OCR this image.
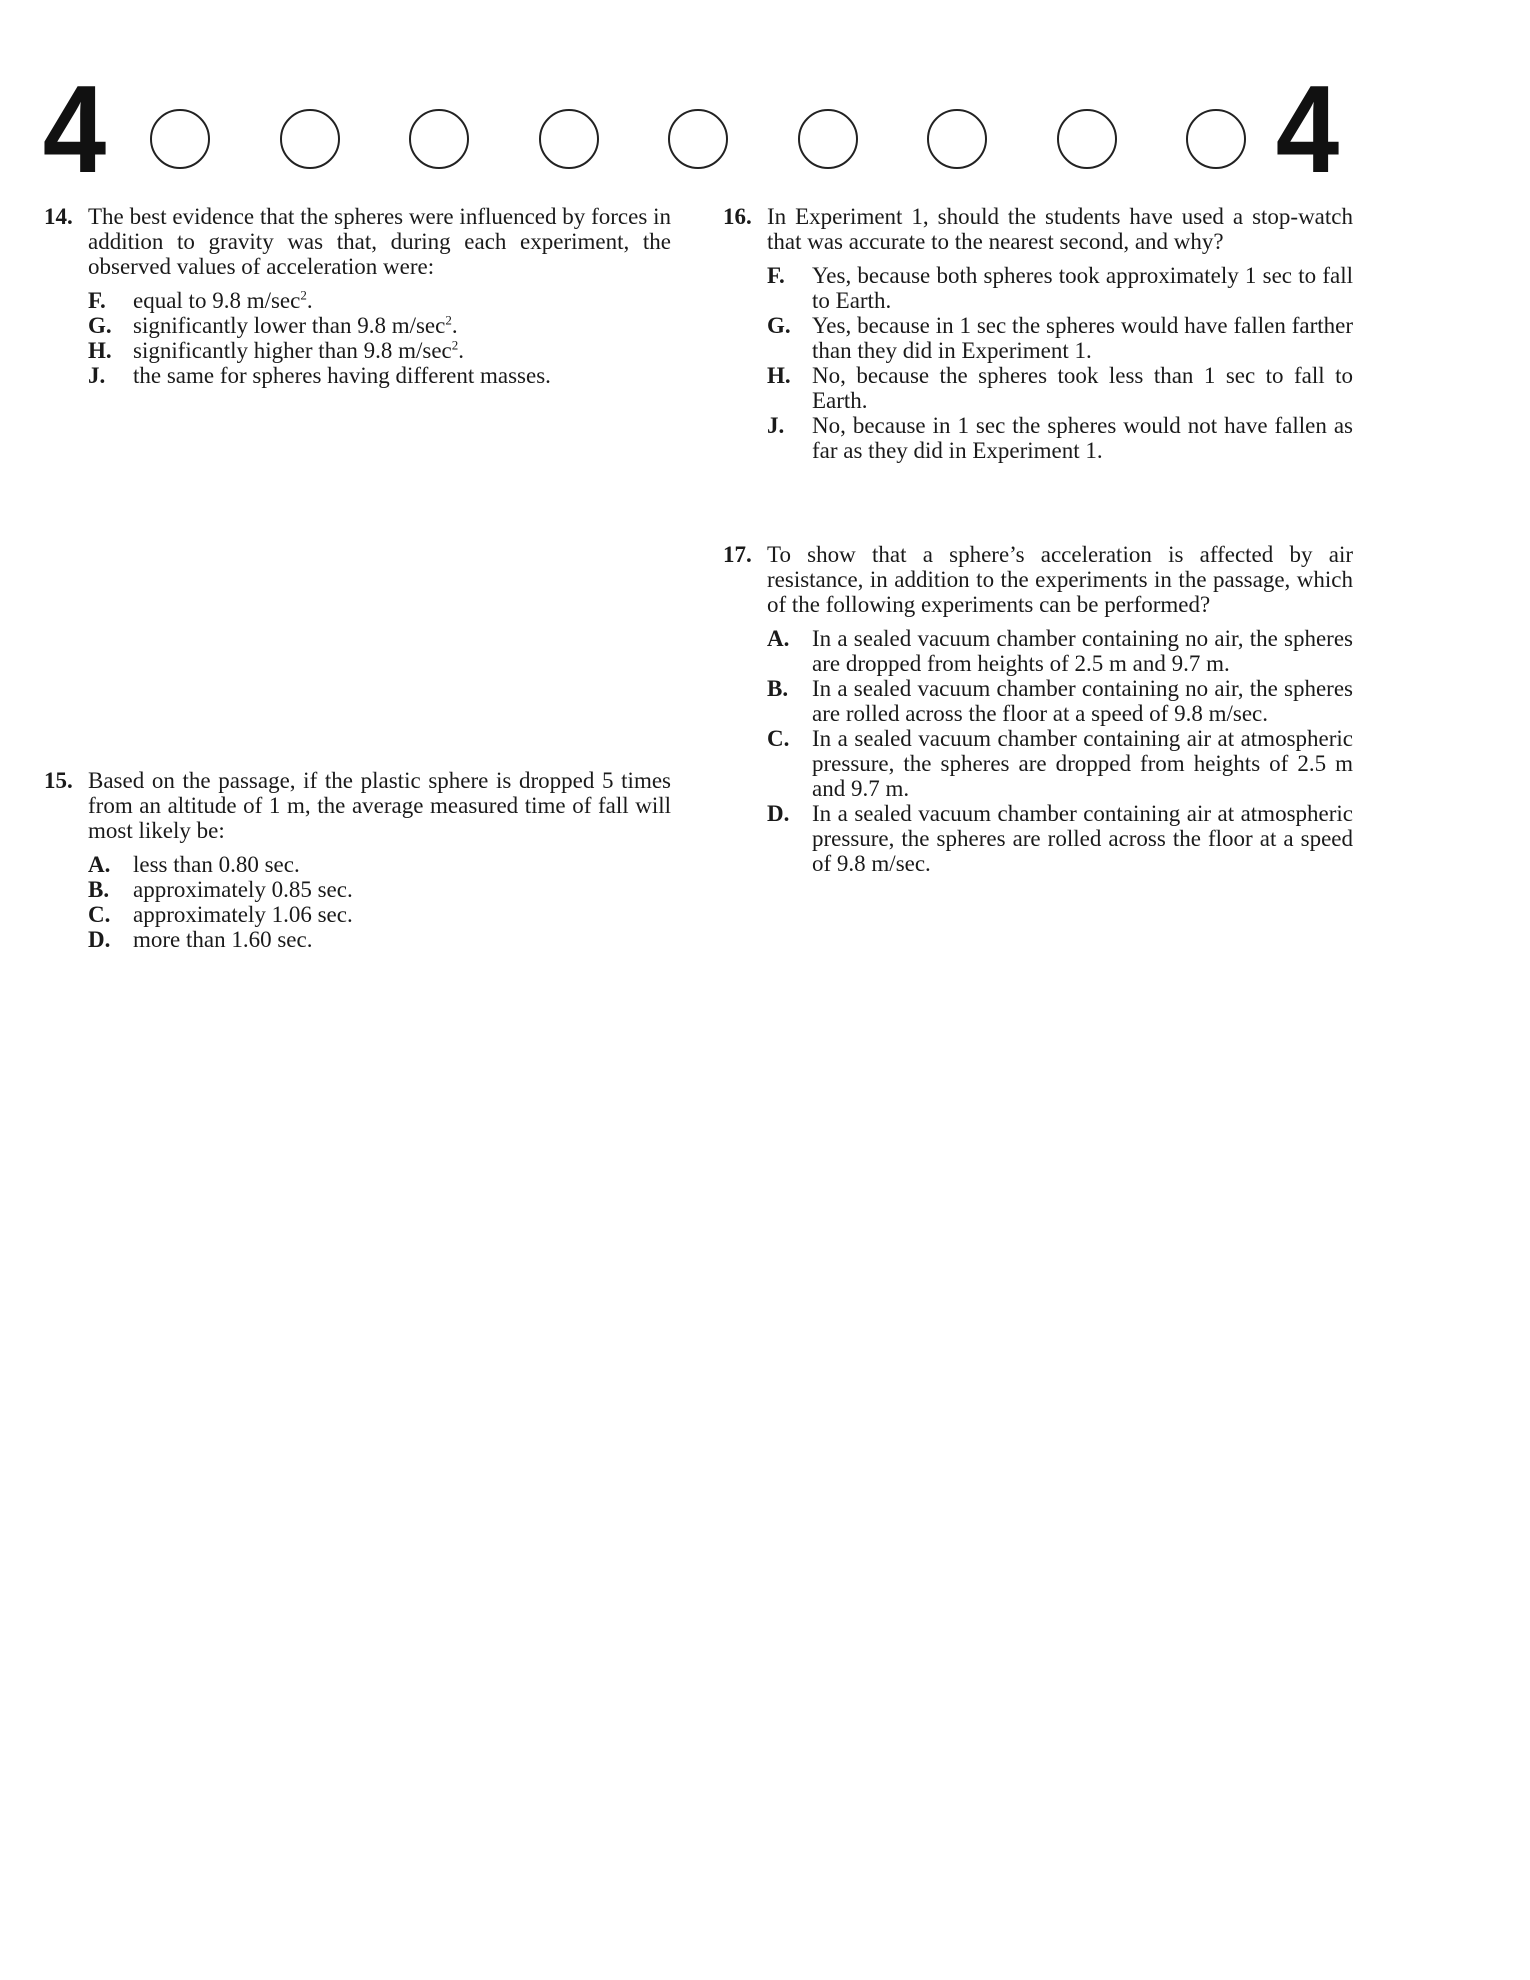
4	4
14. The best evidence that the spheres were influenced by forces in addition to gravity was that, during each experiment, the observed values of acceleration were:
F. equal to 9.8 $m/\sec^2$.
G. significantly lower than 9.8 $m/\sec^2$.
H. significantly higher than 9.8 $m/\sec^2$.
J. the same for spheres having different masses.
15. Based on the passage, if the plastic sphere is dropped 5 times from an altitude of 1 m, the average measured time of fall will most likely be:
A. less than 0.80 sec.
B. approximately 0.85 sec.
C. approximately 1.06 sec.
D. more than 1.60 sec.
16. In Experiment 1, should the students have used a stop-watch that was accurate to the nearest second, and why?
F. Yes, because both spheres took approximately 1 sec to fall to Earth.
G. Yes, because in 1 sec the spheres would have fallen farther than they did in Experiment 1.
H. No, because the spheres took less than 1 sec to fall to Earth.
J. No, because in 1 sec the spheres would not have fallen as far as they did in Experiment 1.
17. To show that a sphere’s acceleration is affected by air resistance, in addition to the experiments in the passage, which of the following experiments can be performed?
A. In a sealed vacuum chamber containing no air, the spheres are dropped from heights of 2.5 m and 9.7 m.
B. In a sealed vacuum chamber containing no air, the spheres are rolled across the floor at a speed of 9.8 m/sec.
C. In a sealed vacuum chamber containing air at atmospheric pressure, the spheres are dropped from heights of 2.5 m and 9.7 m.
D. In a sealed vacuum chamber containing air at atmospheric pressure, the spheres are rolled across the floor at a speed of 9.8 m/sec.
